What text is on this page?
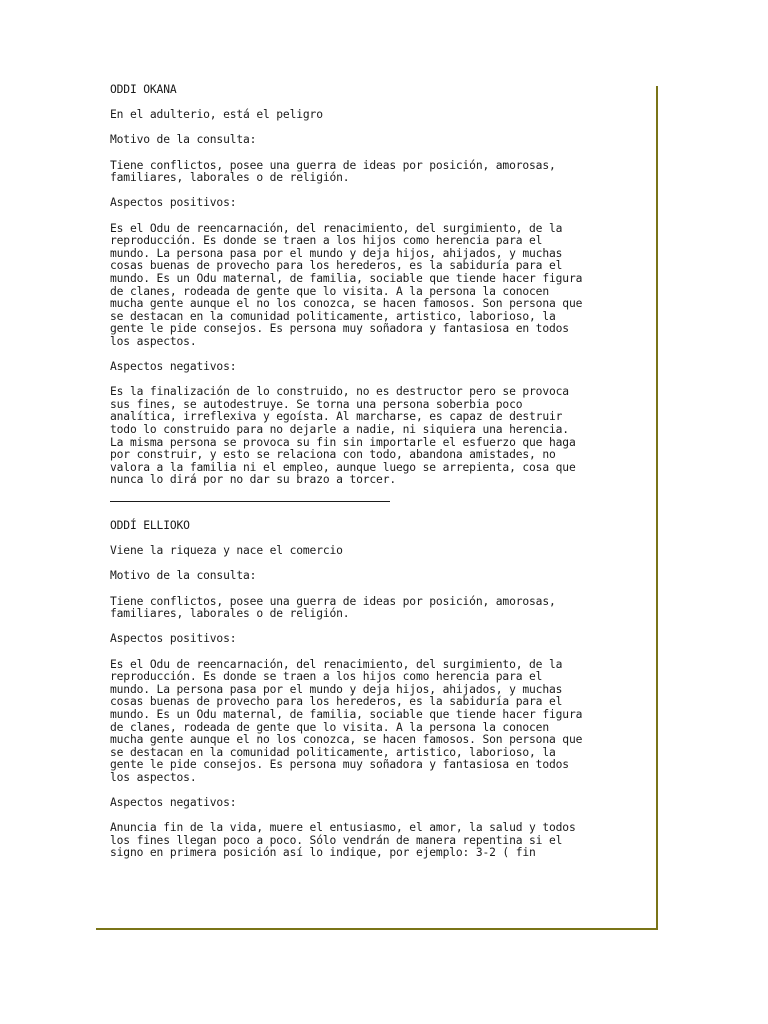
ODDÍ OKANA

En el adulterio, está el peligro

Motivo de la consulta:

Tiene conflictos, posee una guerra de ideas por posición, amorosas,
familiares, laborales o de religión.

Aspectos positivos:

Es el Odu de reencarnación, del renacimiento, del surgimiento, de la
reproducción. Es donde se traen a los hijos como herencia para el
mundo. La persona pasa por el mundo y deja hijos, ahijados, y muchas
cosas buenas de provecho para los herederos, es la sabiduría para el
mundo. Es un Odu maternal, de familia, sociable que tiende hacer figura
de clanes, rodeada de gente que lo visita. A la persona la conocen
mucha gente aunque el no los conozca, se hacen famosos. Son persona que
se destacan en la comunidad politicamente, artistico, laborioso, la
gente le pide consejos. Es persona muy soñadora y fantasiosa en todos
los aspectos.

Aspectos negativos:

Es la finalización de lo construido, no es destructor pero se provoca
sus fines, se autodestruye. Se torna una persona soberbia poco
analítica, irreflexiva y egoísta. Al marcharse, es capaz de destruir
todo lo construido para no dejarle a nadie, ni siquiera una herencia.
La misma persona se provoca su fin sin importarle el esfuerzo que haga
por construir, y esto se relaciona con todo, abandona amistades, no
valora a la familia ni el empleo, aunque luego se arrepienta, cosa que
nunca lo dirá por no dar su brazo a torcer.

ODDÍ ELLIOKO

Viene la riqueza y nace el comercio

Motivo de la consulta:

Tiene conflictos, posee una guerra de ideas por posición, amorosas,
familiares, laborales o de religión.

Aspectos positivos:

Es el Odu de reencarnación, del renacimiento, del surgimiento, de la
reproducción. Es donde se traen a los hijos como herencia para el
mundo. La persona pasa por el mundo y deja hijos, ahijados, y muchas
cosas buenas de provecho para los herederos, es la sabiduría para el
mundo. Es un Odu maternal, de familia, sociable que tiende hacer figura
de clanes, rodeada de gente que lo visita. A la persona la conocen
mucha gente aunque el no los conozca, se hacen famosos. Son persona que
se destacan en la comunidad politicamente, artistico, laborioso, la
gente le pide consejos. Es persona muy soñadora y fantasiosa en todos
los aspectos.

Aspectos negativos:

Anuncia fin de la vida, muere el entusiasmo, el amor, la salud y todos
los fines llegan poco a poco. Sólo vendrán de manera repentina si el
signo en primera posición así lo indique, por ejemplo: 3-2 ( fin
